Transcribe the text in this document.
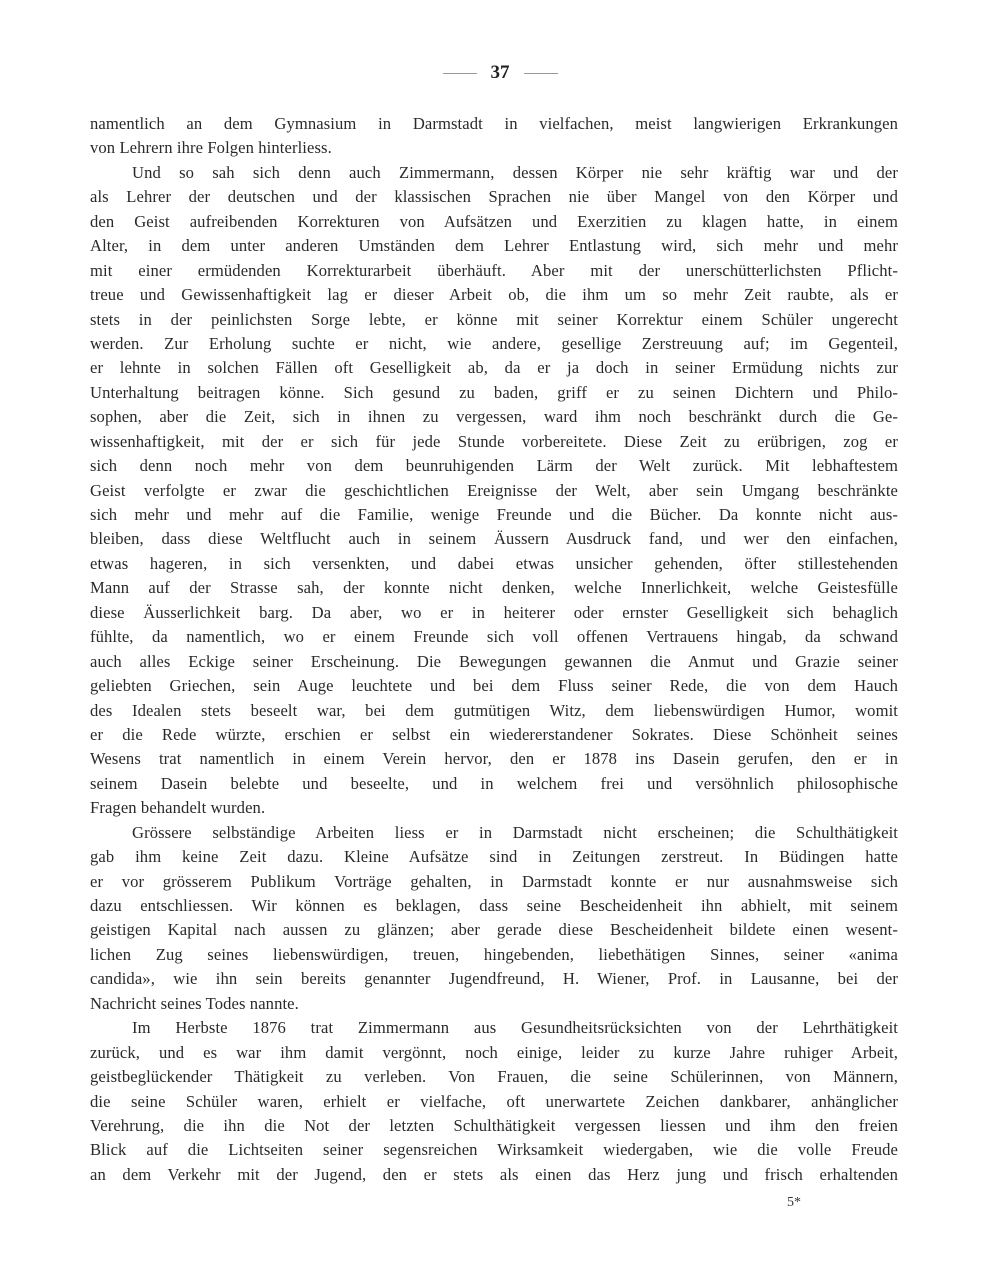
37
namentlich an dem Gymnasium in Darmstadt in vielfachen, meist langwierigen Erkrankungen
von Lehrern ihre Folgen hinterliess.
Und so sah sich denn auch Zimmermann, dessen Körper nie sehr kräftig war und der
als Lehrer der deutschen und der klassischen Sprachen nie über Mangel von den Körper und
den Geist aufreibenden Korrekturen von Aufsätzen und Exerzitien zu klagen hatte, in einem
Alter, in dem unter anderen Umständen dem Lehrer Entlastung wird, sich mehr und mehr
mit einer ermüdenden Korrekturarbeit überhäuft. Aber mit der unerschütterlichsten Pflicht-
treue und Gewissenhaftigkeit lag er dieser Arbeit ob, die ihm um so mehr Zeit raubte, als er
stets in der peinlichsten Sorge lebte, er könne mit seiner Korrektur einem Schüler ungerecht
werden. Zur Erholung suchte er nicht, wie andere, gesellige Zerstreuung auf; im Gegenteil,
er lehnte in solchen Fällen oft Geselligkeit ab, da er ja doch in seiner Ermüdung nichts zur
Unterhaltung beitragen könne. Sich gesund zu baden, griff er zu seinen Dichtern und Philo-
sophen, aber die Zeit, sich in ihnen zu vergessen, ward ihm noch beschränkt durch die Ge-
wissenhaftigkeit, mit der er sich für jede Stunde vorbereitete. Diese Zeit zu erübrigen, zog er
sich denn noch mehr von dem beunruhigenden Lärm der Welt zurück. Mit lebhaftestem
Geist verfolgte er zwar die geschichtlichen Ereignisse der Welt, aber sein Umgang beschränkte
sich mehr und mehr auf die Familie, wenige Freunde und die Bücher. Da konnte nicht aus-
bleiben, dass diese Weltflucht auch in seinem Äussern Ausdruck fand, und wer den einfachen,
etwas hageren, in sich versenkten, und dabei etwas unsicher gehenden, öfter stillestehenden
Mann auf der Strasse sah, der konnte nicht denken, welche Innerlichkeit, welche Geistesfülle
diese Äusserlichkeit barg. Da aber, wo er in heiterer oder ernster Geselligkeit sich behaglich
fühlte, da namentlich, wo er einem Freunde sich voll offenen Vertrauens hingab, da schwand
auch alles Eckige seiner Erscheinung. Die Bewegungen gewannen die Anmut und Grazie seiner
geliebten Griechen, sein Auge leuchtete und bei dem Fluss seiner Rede, die von dem Hauch
des Idealen stets beseelt war, bei dem gutmütigen Witz, dem liebenswürdigen Humor, womit
er die Rede würzte, erschien er selbst ein wiedererstandener Sokrates. Diese Schönheit seines
Wesens trat namentlich in einem Verein hervor, den er 1878 ins Dasein gerufen, den er in
seinem Dasein belebte und beseelte, und in welchem frei und versöhnlich philosophische
Fragen behandelt wurden.
Grössere selbständige Arbeiten liess er in Darmstadt nicht erscheinen; die Schulthätigkeit
gab ihm keine Zeit dazu. Kleine Aufsätze sind in Zeitungen zerstreut. In Büdingen hatte
er vor grösserem Publikum Vorträge gehalten, in Darmstadt konnte er nur ausnahmsweise sich
dazu entschliessen. Wir können es beklagen, dass seine Bescheidenheit ihn abhielt, mit seinem
geistigen Kapital nach aussen zu glänzen; aber gerade diese Bescheidenheit bildete einen wesent-
lichen Zug seines liebenswürdigen, treuen, hingebenden, liebethätigen Sinnes, seiner «anima
candida», wie ihn sein bereits genannter Jugendfreund, H. Wiener, Prof. in Lausanne, bei der
Nachricht seines Todes nannte.
Im Herbste 1876 trat Zimmermann aus Gesundheitsrücksichten von der Lehrthätigkeit
zurück, und es war ihm damit vergönnt, noch einige, leider zu kurze Jahre ruhiger Arbeit,
geistbeglückender Thätigkeit zu verleben. Von Frauen, die seine Schülerinnen, von Männern,
die seine Schüler waren, erhielt er vielfache, oft unerwartete Zeichen dankbarer, anhänglicher
Verehrung, die ihn die Not der letzten Schulthätigkeit vergessen liessen und ihm den freien
Blick auf die Lichtseiten seiner segensreichen Wirksamkeit wiedergaben, wie die volle Freude
an dem Verkehr mit der Jugend, den er stets als einen das Herz jung und frisch erhaltenden
5*
